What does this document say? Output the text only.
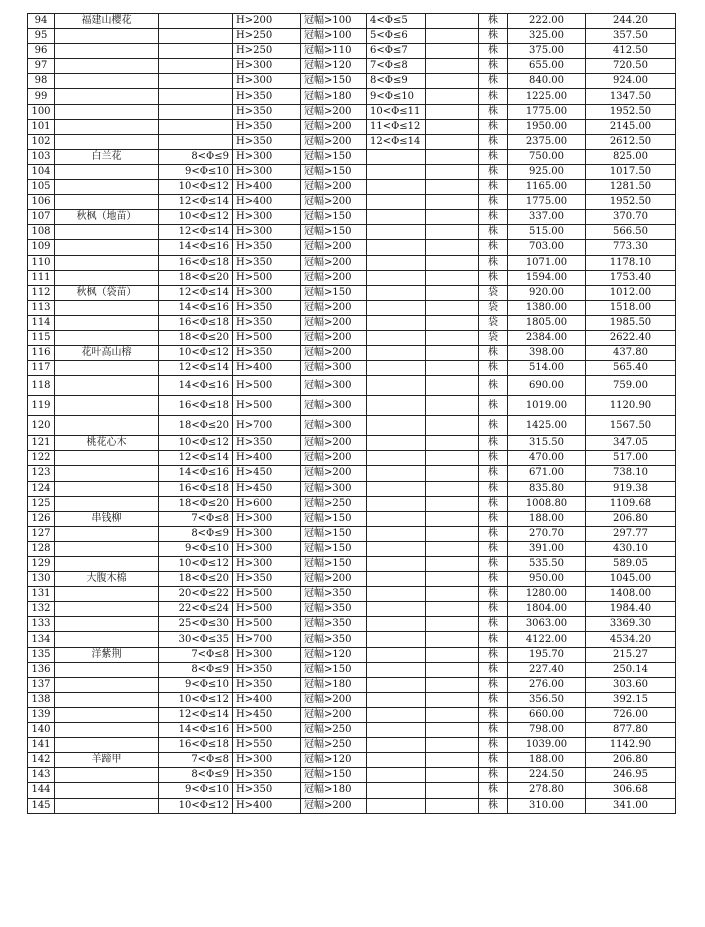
94	福建山樱花		H>200	冠幅>100	4<Φ≤5		株	222.00	244.20
95			H>250	冠幅>100	5<Φ≤6		株	325.00	357.50
96			H>250	冠幅>110	6<Φ≤7		株	375.00	412.50
97			H>300	冠幅>120	7<Φ≤8		株	655.00	720.50
98			H>300	冠幅>150	8<Φ≤9		株	840.00	924.00
99			H>350	冠幅>180	9<Φ≤10		株	1225.00	1347.50
100			H>350	冠幅>200	10<Φ≤11		株	1775.00	1952.50
101			H>350	冠幅>200	11<Φ≤12		株	1950.00	2145.00
102			H>350	冠幅>200	12<Φ≤14		株	2375.00	2612.50
103	白兰花	8<Φ≤9	H>300	冠幅>150			株	750.00	825.00
104		9<Φ≤10	H>300	冠幅>150			株	925.00	1017.50
105		10<Φ≤12	H>400	冠幅>200			株	1165.00	1281.50
106		12<Φ≤14	H>400	冠幅>200			株	1775.00	1952.50
107	秋枫（地苗）	10<Φ≤12	H>300	冠幅>150			株	337.00	370.70
108		12<Φ≤14	H>300	冠幅>150			株	515.00	566.50
109		14<Φ≤16	H>350	冠幅>200			株	703.00	773.30
110		16<Φ≤18	H>350	冠幅>200			株	1071.00	1178.10
111		18<Φ≤20	H>500	冠幅>200			株	1594.00	1753.40
112	秋枫（袋苗）	12<Φ≤14	H>300	冠幅>150			袋	920.00	1012.00
113		14<Φ≤16	H>350	冠幅>200			袋	1380.00	1518.00
114		16<Φ≤18	H>350	冠幅>200			袋	1805.00	1985.50
115		18<Φ≤20	H>500	冠幅>200			袋	2384.00	2622.40
116	花叶高山榕	10<Φ≤12	H>350	冠幅>200			株	398.00	437.80
117		12<Φ≤14	H>400	冠幅>300			株	514.00	565.40
118		14<Φ≤16	H>500	冠幅>300			株	690.00	759.00
119		16<Φ≤18	H>500	冠幅>300			株	1019.00	1120.90
120		18<Φ≤20	H>700	冠幅>300			株	1425.00	1567.50
121	桃花心木	10<Φ≤12	H>350	冠幅>200			株	315.50	347.05
122		12<Φ≤14	H>400	冠幅>200			株	470.00	517.00
123		14<Φ≤16	H>450	冠幅>200			株	671.00	738.10
124		16<Φ≤18	H>450	冠幅>300			株	835.80	919.38
125		18<Φ≤20	H>600	冠幅>250			株	1008.80	1109.68
126	串钱柳	7<Φ≤8	H>300	冠幅>150			株	188.00	206.80
127		8<Φ≤9	H>300	冠幅>150			株	270.70	297.77
128		9<Φ≤10	H>300	冠幅>150			株	391.00	430.10
129		10<Φ≤12	H>300	冠幅>150			株	535.50	589.05
130	大腹木棉	18<Φ≤20	H>350	冠幅>200			株	950.00	1045.00
131		20<Φ≤22	H>500	冠幅>350			株	1280.00	1408.00
132		22<Φ≤24	H>500	冠幅>350			株	1804.00	1984.40
133		25<Φ≤30	H>500	冠幅>350			株	3063.00	3369.30
134		30<Φ≤35	H>700	冠幅>350			株	4122.00	4534.20
135	洋紫荆	7<Φ≤8	H>300	冠幅>120			株	195.70	215.27
136		8<Φ≤9	H>350	冠幅>150			株	227.40	250.14
137		9<Φ≤10	H>350	冠幅>180			株	276.00	303.60
138		10<Φ≤12	H>400	冠幅>200			株	356.50	392.15
139		12<Φ≤14	H>450	冠幅>200			株	660.00	726.00
140		14<Φ≤16	H>500	冠幅>250			株	798.00	877.80
141		16<Φ≤18	H>550	冠幅>250			株	1039.00	1142.90
142	羊蹄甲	7<Φ≤8	H>300	冠幅>120			株	188.00	206.80
143		8<Φ≤9	H>350	冠幅>150			株	224.50	246.95
144		9<Φ≤10	H>350	冠幅>180			株	278.80	306.68
145		10<Φ≤12	H>400	冠幅>200			株	310.00	341.00
